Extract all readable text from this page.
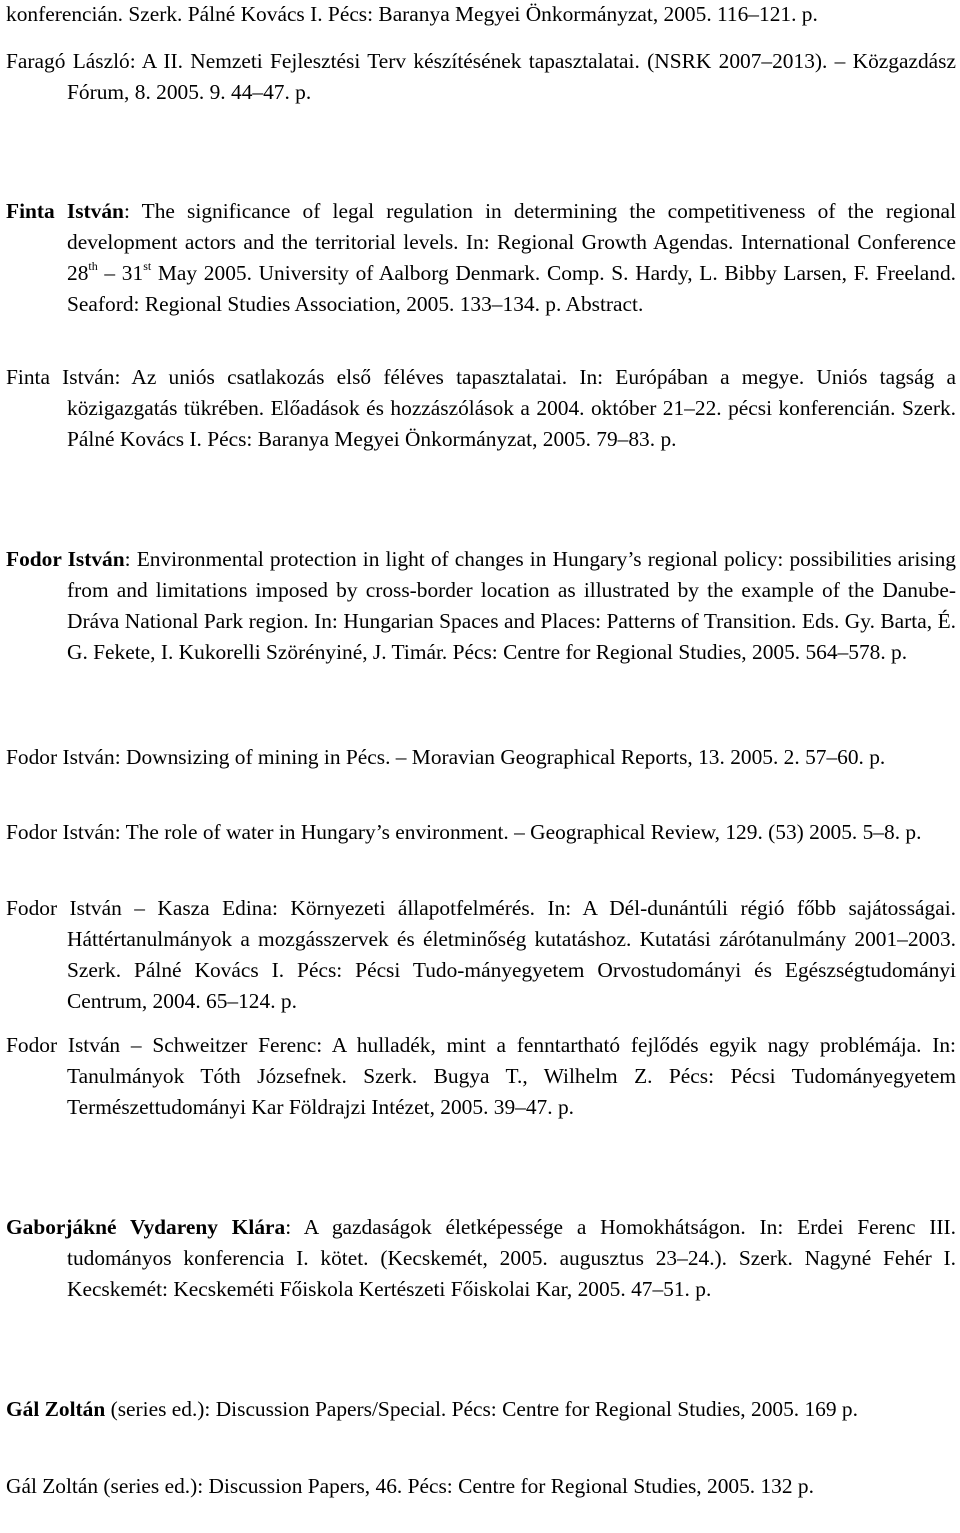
konferencián. Szerk. Pálné Kovács I. Pécs: Baranya Megyei Önkormányzat, 2005. 116–121. p.

Faragó László: A II. Nemzeti Fejlesztési Terv készítésének tapasztalatai. (NSRK 2007–2013). – Közgazdász Fórum, 8. 2005. 9. 44–47. p.

Finta István: The significance of legal regulation in determining the competitiveness of the regional development actors and the territorial levels. In: Regional Growth Agendas. International Conference 28th – 31st May 2005. University of Aalborg Denmark. Comp. S. Hardy, L. Bibby Larsen, F. Freeland. Seaford: Regional Studies Association, 2005. 133–134. p. Abstract.

Finta István: Az uniós csatlakozás első féléves tapasztalatai. In: Európában a megye. Uniós tagság a közigazgatás tükrében. Előadások és hozzászólások a 2004. október 21–22. pécsi konferencián. Szerk. Pálné Kovács I. Pécs: Baranya Megyei Önkormányzat, 2005. 79–83. p.

Fodor István: Environmental protection in light of changes in Hungary’s regional policy: possibilities arising from and limitations imposed by cross-border location as illustrated by the example of the Danube-Dráva National Park region. In: Hungarian Spaces and Places: Patterns of Transition. Eds. Gy. Barta, É. G. Fekete, I. Kukorelli Szörényiné, J. Timár. Pécs: Centre for Regional Studies, 2005. 564–578. p.

Fodor István: Downsizing of mining in Pécs. – Moravian Geographical Reports, 13. 2005. 2. 57–60. p.

Fodor István: The role of water in Hungary’s environment. – Geographical Review, 129. (53) 2005. 5–8. p.

Fodor István – Kasza Edina: Környezeti állapotfelmérés. In: A Dél-dunántúli régió főbb sajátosságai. Háttértanulmányok a mozgásszervek és életminőség kutatáshoz. Kutatási zárótanulmány 2001–2003. Szerk. Pálné Kovács I. Pécs: Pécsi Tudo-mányegyetem Orvostudományi és Egészségtudományi Centrum, 2004. 65–124. p.

Fodor István – Schweitzer Ferenc: A hulladék, mint a fenntartható fejlődés egyik nagy problémája. In: Tanulmányok Tóth Józsefnek. Szerk. Bugya T., Wilhelm Z. Pécs: Pécsi Tudományegyetem Természettudományi Kar Földrajzi Intézet, 2005. 39–47. p.

Gaborjákné Vydareny Klára: A gazdaságok életképessége a Homokhátságon. In: Erdei Ferenc III. tudományos konferencia I. kötet. (Kecskemét, 2005. augusztus 23–24.). Szerk. Nagyné Fehér I. Kecskemét: Kecskeméti Főiskola Kertészeti Főiskolai Kar, 2005. 47–51. p.

Gál Zoltán (series ed.): Discussion Papers/Special. Pécs: Centre for Regional Studies, 2005. 169 p.

Gál Zoltán (series ed.): Discussion Papers, 46. Pécs: Centre for Regional Studies, 2005. 132 p.
